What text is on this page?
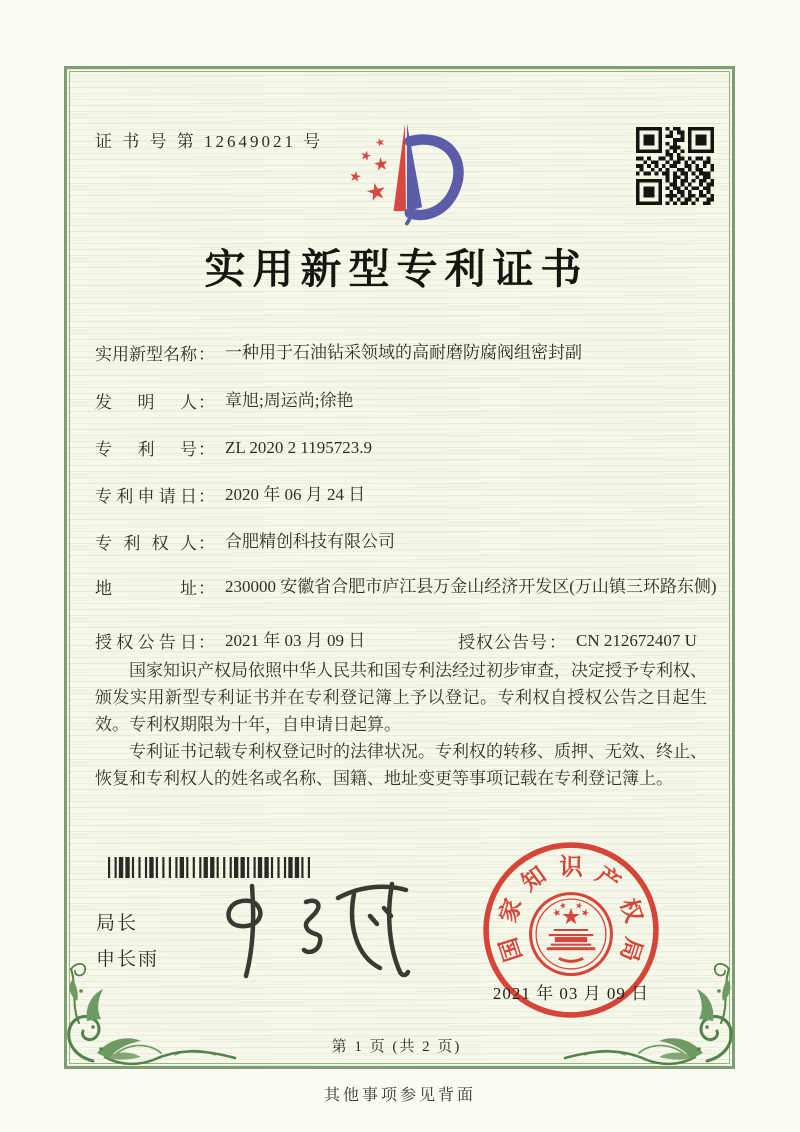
证 书 号 第 12649021 号
实用新型专利证书
实用新型名称 ： 一种用于石油钻采领域的高耐磨防腐阀组密封副
发明人 ： 章旭;周运尚;徐艳
专利号 ： ZL 2020 2 1195723.9
专利申请日 ： 2020 年 06 月 24 日
专利权人 ： 合肥精创科技有限公司
地址 ： 230000 安徽省合肥市庐江县万金山经济开发区(万山镇三环路东侧)
授权公告日 ： 2021 年 03 月 09 日	授权公告号 ： CN 212672407 U

国家知识产权局依照中华人民共和国专利法经过初步审查，决定授予专利权、颁发实用新型专利证书并在专利登记簿上予以登记。专利权自授权公告之日起生效。专利权期限为十年，自申请日起算。

专利证书记载专利权登记时的法律状况。专利权的转移、质押、无效、终止、恢复和专利权人的姓名或名称、国籍、地址变更等事项记载在专利登记簿上。

局长
申长雨	国
家
知 识 产
权
局
2021 年 03 月 09 日
第 1 页 (共 2 页)
其他事项参见背面
